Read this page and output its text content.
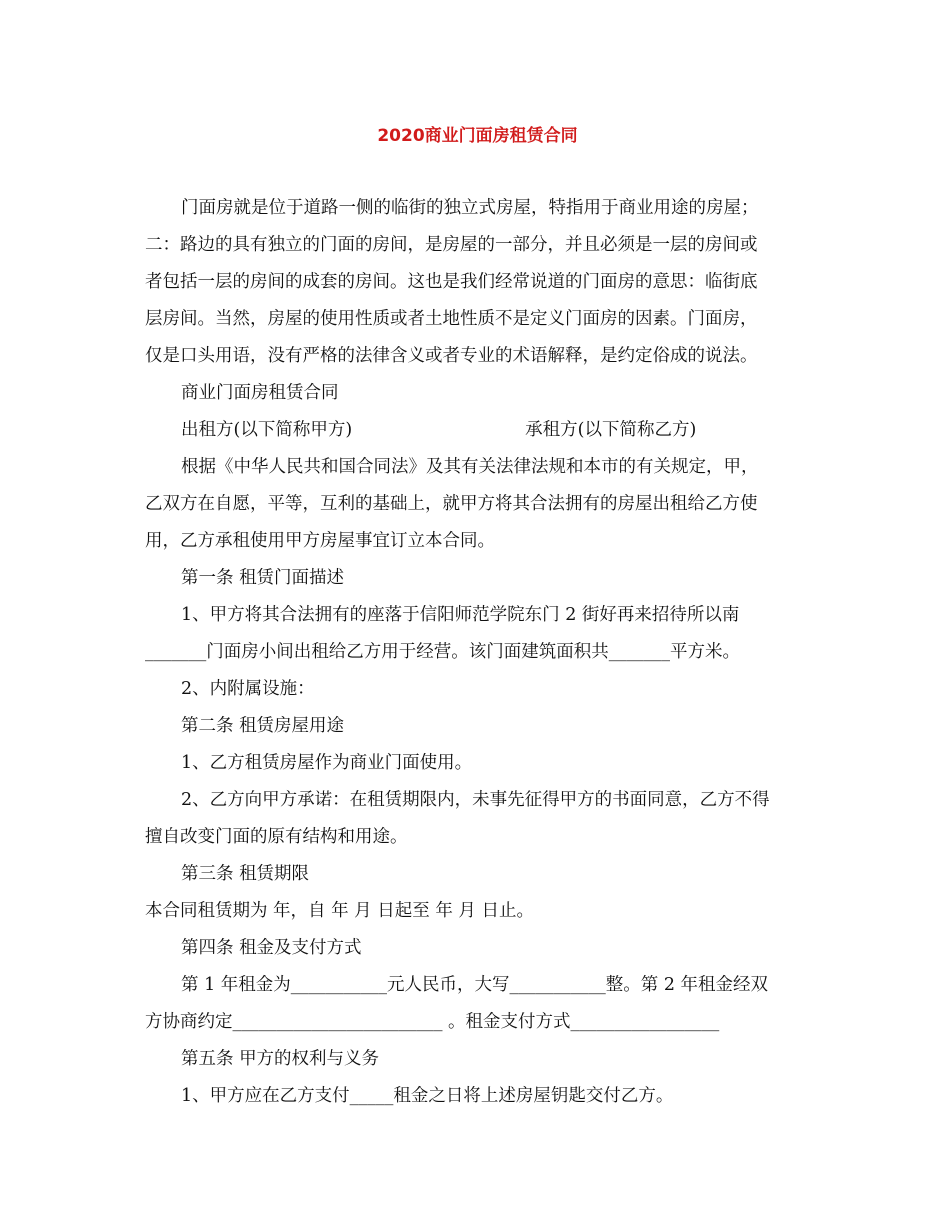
2020商业门面房租赁合同

门面房就是位于道路一侧的临街的独立式房屋，特指用于商业用途的房屋；
二：路边的具有独立的门面的房间，是房屋的一部分，并且必须是一层的房间或
者包括一层的房间的成套的房间。这也是我们经常说道的门面房的意思：临街底
层房间。当然，房屋的使用性质或者土地性质不是定义门面房的因素。门面房，
仅是口头用语，没有严格的法律含义或者专业的术语解释，是约定俗成的说法。

商业门面房租赁合同

出租方(以下简称甲方)	承租方(以下简称乙方)

根据《中华人民共和国合同法》及其有关法律法规和本市的有关规定，甲，
乙双方在自愿，平等，互利的基础上，就甲方将其合法拥有的房屋出租给乙方使
用，乙方承租使用甲方房屋事宜订立本合同。

第一条 租赁门面描述

1、甲方将其合法拥有的座落于信阳师范学院东门 2 街好再来招待所以南
_______门面房小间出租给乙方用于经营。该门面建筑面积共_______平方米。

2、内附属设施：

第二条 租赁房屋用途

1、乙方租赁房屋作为商业门面使用。

2、乙方向甲方承诺：在租赁期限内，未事先征得甲方的书面同意，乙方不得
擅自改变门面的原有结构和用途。

第三条 租赁期限

本合同租赁期为 年，自 年 月 日起至 年 月 日止。

第四条 租金及支付方式

第 1 年租金为___________元人民币，大写___________整。第 2 年租金经双
方协商约定________________________ 。租金支付方式_________________

第五条 甲方的权利与义务

1、甲方应在乙方支付_____租金之日将上述房屋钥匙交付乙方。
